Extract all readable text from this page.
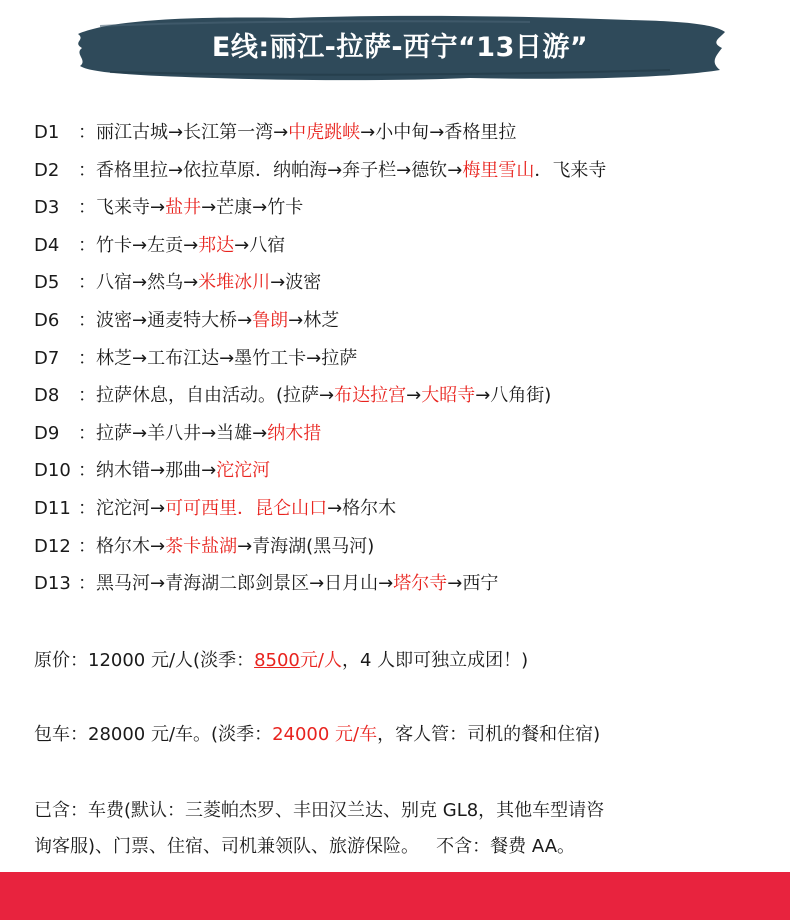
E线:丽江-拉萨-西宁“13日游”
D1 ：丽江古城→长江第一湾→中虎跳峡→小中甸→香格里拉
D2 ：香格里拉→依拉草原．纳帕海→奔子栏→德钦→梅里雪山．飞来寺
D3 ：飞来寺→盐井→芒康→竹卡
D4 ：竹卡→左贡→邦达→八宿
D5 ：八宿→然乌→米堆冰川→波密
D6 ：波密→通麦特大桥→鲁朗→林芝
D7 ：林芝→工布江达→墨竹工卡→拉萨
D8 ：拉萨休息，自由活动。(拉萨→布达拉宫→大昭寺→八角街)
D9 ：拉萨→羊八井→当雄→纳木措
D10 ：纳木错→那曲→沱沱河
D11 ：沱沱河→可可西里．昆仑山口→格尔木
D12 ：格尔木→茶卡盐湖→青海湖(黑马河)
D13 ：黑马河→青海湖二郎剑景区→日月山→塔尔寺→西宁
原价：12000 元/人(淡季：8500元/人，4 人即可独立成团！)
包车：28000 元/车。(淡季：24000 元/车，客人管：司机的餐和住宿)
已含：车费(默认：三菱帕杰罗、丰田汉兰达、别克 GL8，其他车型请咨
询客服)、门票、住宿、司机兼领队、旅游保险。   不含：餐费 AA。
